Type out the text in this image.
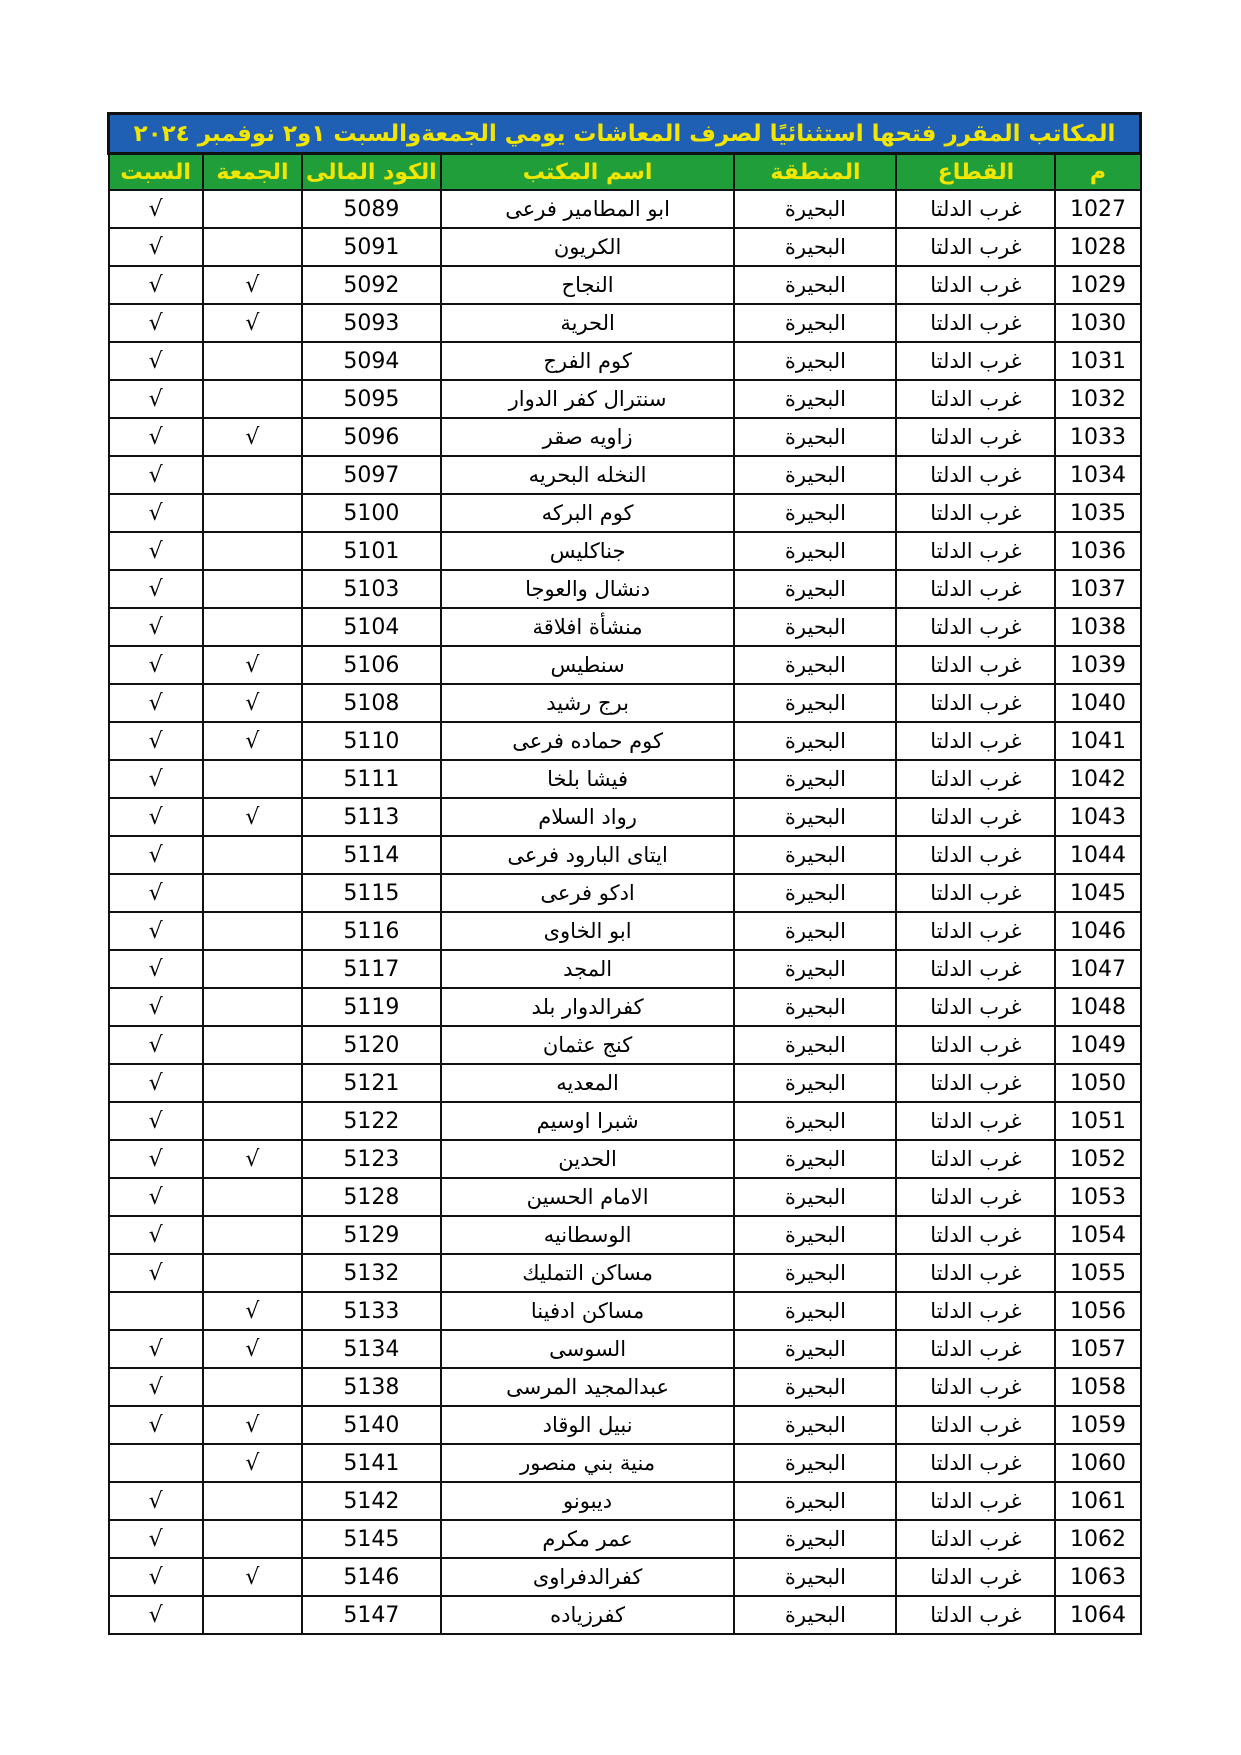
المكاتب المقرر فتحها استثنائيًا لصرف المعاشات يومي الجمعةوالسبت ١و٢ نوفمبر ٢٠٢٤						
م	القطاع	المنطقة	اسم المكتب	الكود المالى	الجمعة	السبت
1027	غرب الدلتا	البحيرة	ابو المطامير فرعى	5089		√
1028	غرب الدلتا	البحيرة	الكريون	5091		√
1029	غرب الدلتا	البحيرة	النجاح	5092	√	√
1030	غرب الدلتا	البحيرة	الحرية	5093	√	√
1031	غرب الدلتا	البحيرة	كوم الفرج	5094		√
1032	غرب الدلتا	البحيرة	سنترال كفر الدوار	5095		√
1033	غرب الدلتا	البحيرة	زاويه صقر	5096	√	√
1034	غرب الدلتا	البحيرة	النخله البحريه	5097		√
1035	غرب الدلتا	البحيرة	كوم البركه	5100		√
1036	غرب الدلتا	البحيرة	جناكليس	5101		√
1037	غرب الدلتا	البحيرة	دنشال والعوجا	5103		√
1038	غرب الدلتا	البحيرة	منشأة افلاقة	5104		√
1039	غرب الدلتا	البحيرة	سنطيس	5106	√	√
1040	غرب الدلتا	البحيرة	برج رشيد	5108	√	√
1041	غرب الدلتا	البحيرة	كوم حماده فرعى	5110	√	√
1042	غرب الدلتا	البحيرة	فيشا بلخا	5111		√
1043	غرب الدلتا	البحيرة	رواد السلام	5113	√	√
1044	غرب الدلتا	البحيرة	ايتاى البارود فرعى	5114		√
1045	غرب الدلتا	البحيرة	ادكو فرعى	5115		√
1046	غرب الدلتا	البحيرة	ابو الخاوى	5116		√
1047	غرب الدلتا	البحيرة	المجد	5117		√
1048	غرب الدلتا	البحيرة	كفرالدوار بلد	5119		√
1049	غرب الدلتا	البحيرة	كنج عثمان	5120		√
1050	غرب الدلتا	البحيرة	المعديه	5121		√
1051	غرب الدلتا	البحيرة	شبرا اوسيم	5122		√
1052	غرب الدلتا	البحيرة	الحدين	5123	√	√
1053	غرب الدلتا	البحيرة	الامام الحسين	5128		√
1054	غرب الدلتا	البحيرة	الوسطانيه	5129		√
1055	غرب الدلتا	البحيرة	مساكن التمليك	5132		√
1056	غرب الدلتا	البحيرة	مساكن ادفينا	5133	√	
1057	غرب الدلتا	البحيرة	السوسى	5134	√	√
1058	غرب الدلتا	البحيرة	عبدالمجيد المرسى	5138		√
1059	غرب الدلتا	البحيرة	نبيل الوقاد	5140	√	√
1060	غرب الدلتا	البحيرة	منية بني منصور	5141	√	
1061	غرب الدلتا	البحيرة	ديبونو	5142		√
1062	غرب الدلتا	البحيرة	عمر مكرم	5145		√
1063	غرب الدلتا	البحيرة	كفرالدفراوى	5146	√	√
1064	غرب الدلتا	البحيرة	كفرزياده	5147		√
